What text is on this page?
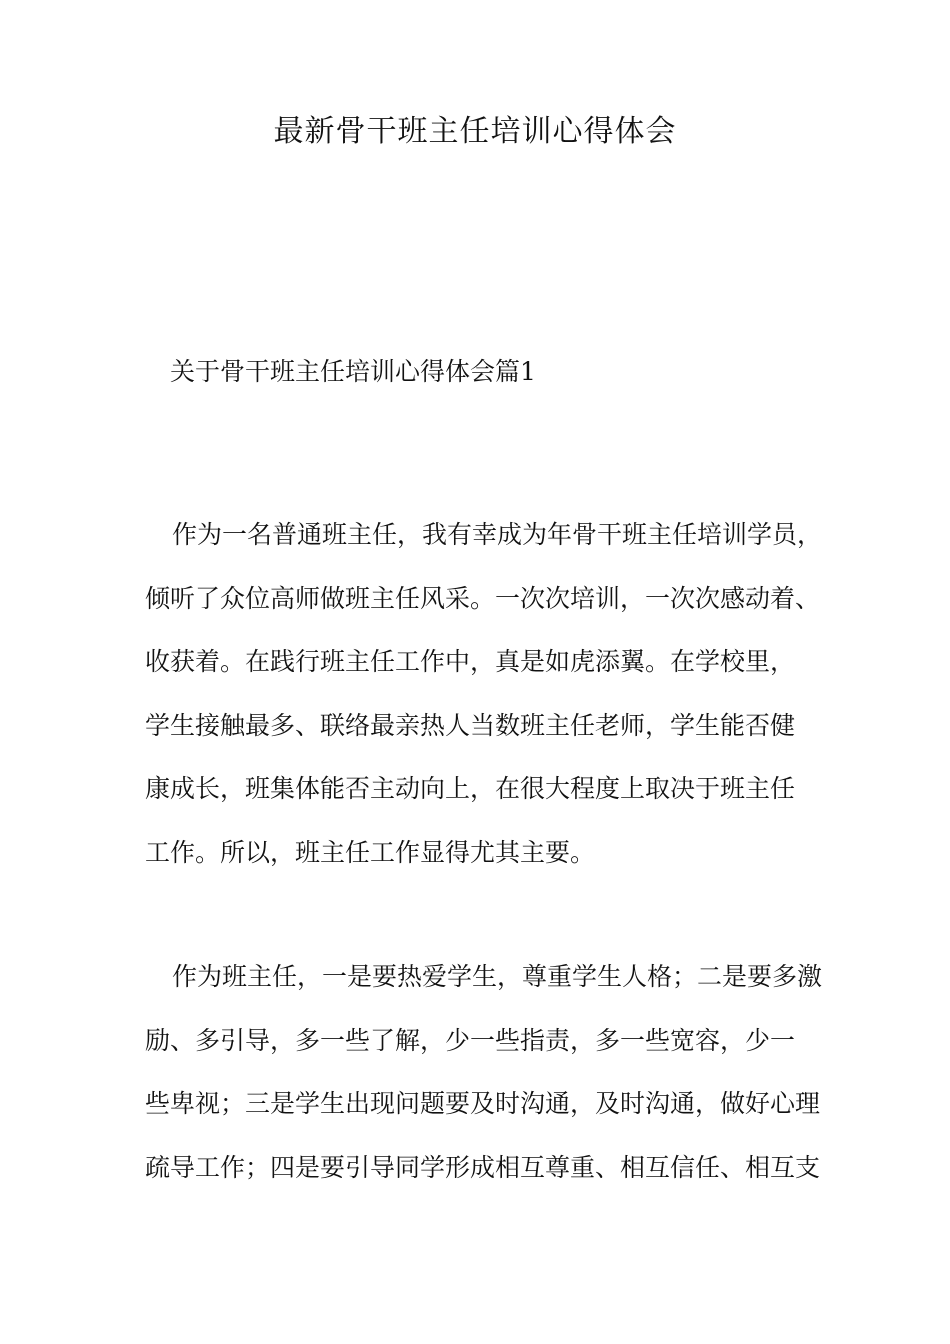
最新骨干班主任培训心得体会
关于骨干班主任培训心得体会篇1
作为一名普通班主任，我有幸成为年骨干班主任培训学员，
倾听了众位高师做班主任风采。一次次培训，一次次感动着、
收获着。在践行班主任工作中，真是如虎添翼。在学校里，
学生接触最多、联络最亲热人当数班主任老师，学生能否健
康成长，班集体能否主动向上，在很大程度上取决于班主任
工作。所以，班主任工作显得尤其主要。
作为班主任，一是要热爱学生，尊重学生人格；二是要多激
励、多引导，多一些了解，少一些指责，多一些宽容，少一
些卑视；三是学生出现问题要及时沟通，及时沟通，做好心理
疏导工作；四是要引导同学形成相互尊重、相互信任、相互支
